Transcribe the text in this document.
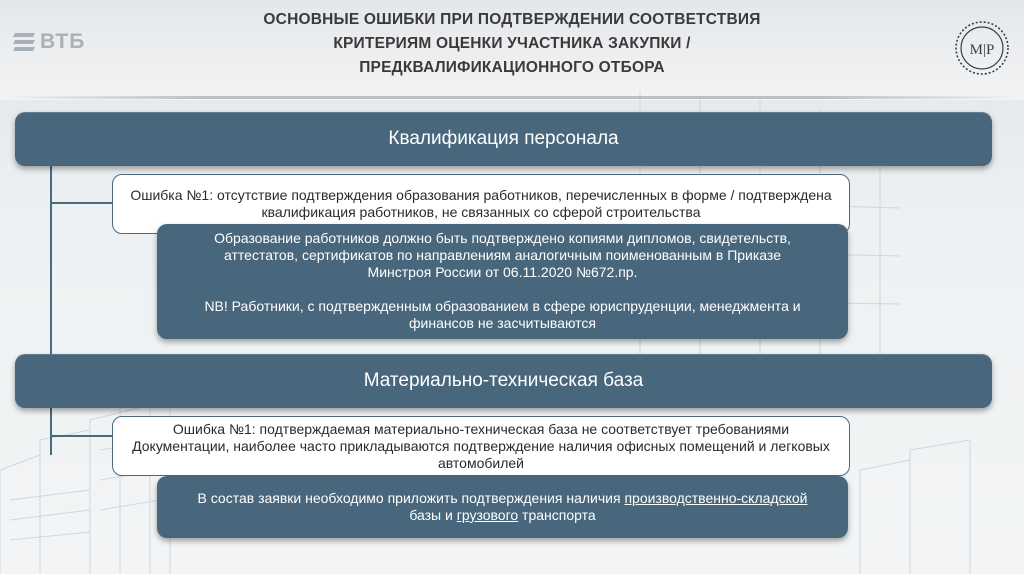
ВТБ
ОСНОВНЫЕ ОШИБКИ ПРИ ПОДТВЕРЖДЕНИИ СООТВЕТСТВИЯ
КРИТЕРИЯМ ОЦЕНКИ УЧАСТНИКА ЗАКУПКИ /
ПРЕДКВАЛИФИКАЦИОННОГО ОТБОРА
M|P
Квалификация персонала
Ошибка №1: отсутствие подтверждения образования работников, перечисленных в форме / подтверждена квалификация работников, не связанных со сферой строительства

Образование работников должно быть подтверждено копиями дипломов, свидетельств, аттестатов, сертификатов по направлениям аналогичным поименованным в Приказе Минстроя России от 06.11.2020 №672.пр.

NB! Работники, с подтвержденным образованием в сфере юриспруденции, менеджмента и финансов не засчитываются

Материально-техническая база
Ошибка №1: подтверждаемая материально-техническая база не соответствует требованиями Документации, наиболее часто прикладываются подтверждение наличия офисных помещений и легковых автомобилей

В состав заявки необходимо приложить подтверждения наличия производственно-складской базы и грузового транспорта
